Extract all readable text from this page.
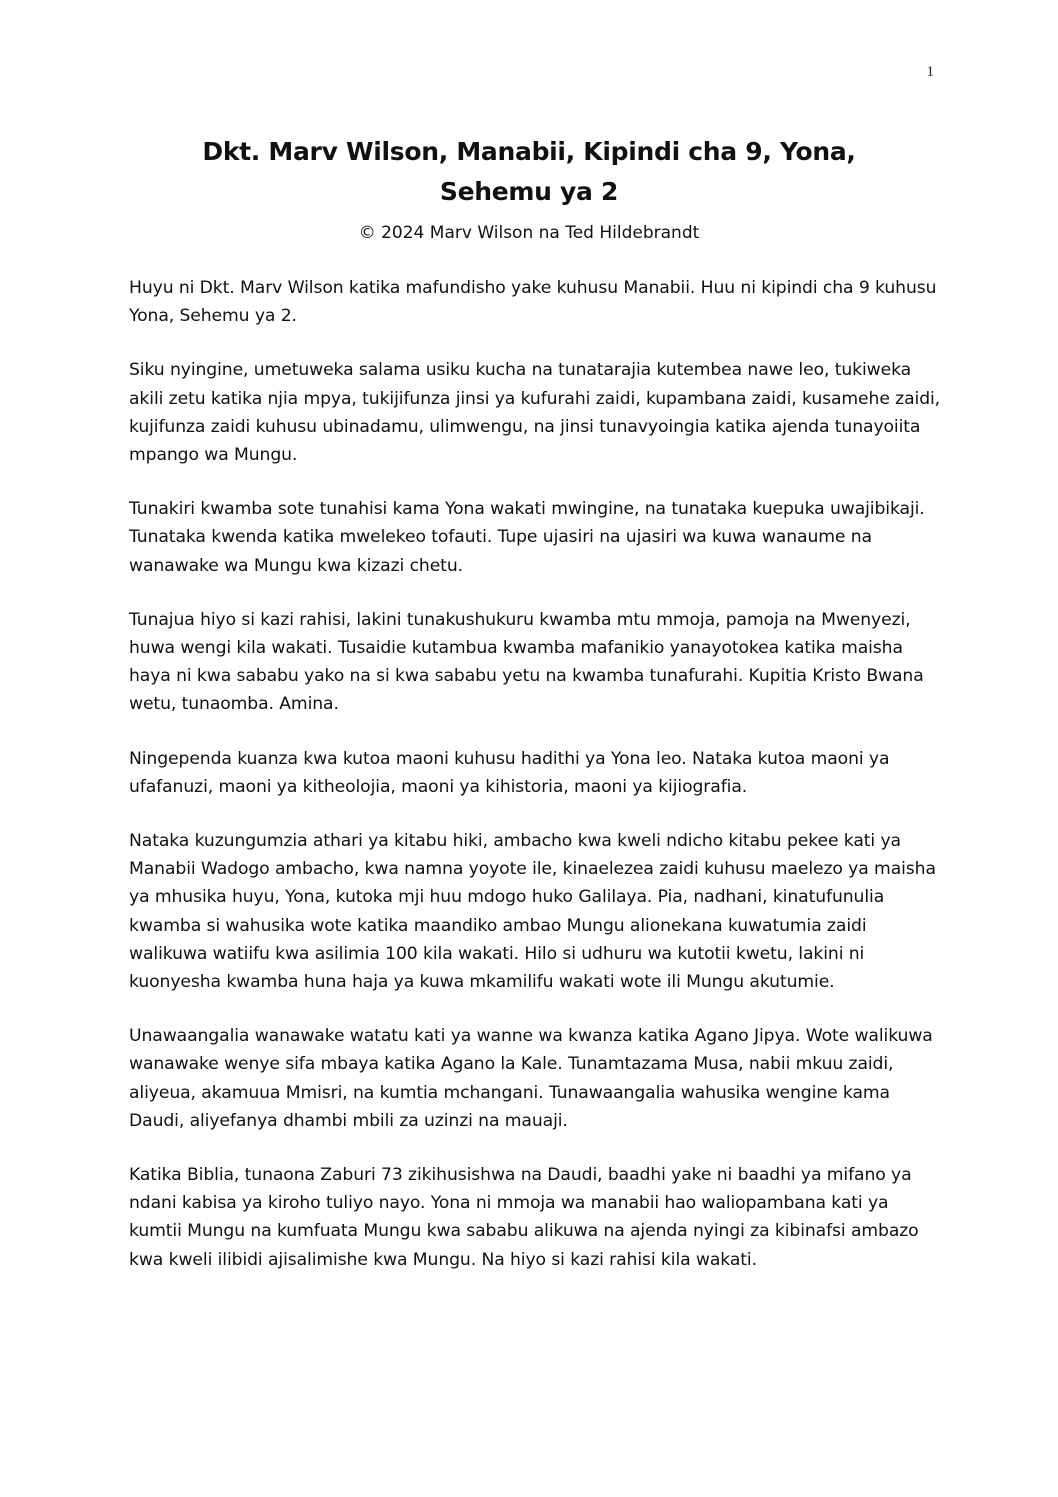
1
Dkt. Marv Wilson, Manabii, Kipindi cha 9, Yona,
Sehemu ya 2
© 2024 Marv Wilson na Ted Hildebrandt

Huyu ni Dkt. Marv Wilson katika mafundisho yake kuhusu Manabii. Huu ni kipindi cha 9 kuhusu Yona, Sehemu ya 2.

Siku nyingine, umetuweka salama usiku kucha na tunatarajia kutembea nawe leo, tukiweka akili zetu katika njia mpya, tukijifunza jinsi ya kufurahi zaidi, kupambana zaidi, kusamehe zaidi, kujifunza zaidi kuhusu ubinadamu, ulimwengu, na jinsi tunavyoingia katika ajenda tunayoiita mpango wa Mungu.

Tunakiri kwamba sote tunahisi kama Yona wakati mwingine, na tunataka kuepuka uwajibikaji. Tunataka kwenda katika mwelekeo tofauti. Tupe ujasiri na ujasiri wa kuwa wanaume na wanawake wa Mungu kwa kizazi chetu.

Tunajua hiyo si kazi rahisi, lakini tunakushukuru kwamba mtu mmoja, pamoja na Mwenyezi, huwa wengi kila wakati. Tusaidie kutambua kwamba mafanikio yanayotokea katika maisha haya ni kwa sababu yako na si kwa sababu yetu na kwamba tunafurahi. Kupitia Kristo Bwana wetu, tunaomba. Amina.

Ningependa kuanza kwa kutoa maoni kuhusu hadithi ya Yona leo. Nataka kutoa maoni ya ufafanuzi, maoni ya kitheolojia, maoni ya kihistoria, maoni ya kijiografia.

Nataka kuzungumzia athari ya kitabu hiki, ambacho kwa kweli ndicho kitabu pekee kati ya Manabii Wadogo ambacho, kwa namna yoyote ile, kinaelezea zaidi kuhusu maelezo ya maisha ya mhusika huyu, Yona, kutoka mji huu mdogo huko Galilaya. Pia, nadhani, kinatufunulia kwamba si wahusika wote katika maandiko ambao Mungu alionekana kuwatumia zaidi walikuwa watiifu kwa asilimia 100 kila wakati. Hilo si udhuru wa kutotii kwetu, lakini ni kuonyesha kwamba huna haja ya kuwa mkamilifu wakati wote ili Mungu akutumie.

Unawaangalia wanawake watatu kati ya wanne wa kwanza katika Agano Jipya. Wote walikuwa wanawake wenye sifa mbaya katika Agano la Kale. Tunamtazama Musa, nabii mkuu zaidi, aliyeua, akamuua Mmisri, na kumtia mchangani. Tunawaangalia wahusika wengine kama Daudi, aliyefanya dhambi mbili za uzinzi na mauaji.

Katika Biblia, tunaona Zaburi 73 zikihusishwa na Daudi, baadhi yake ni baadhi ya mifano ya ndani kabisa ya kiroho tuliyo nayo. Yona ni mmoja wa manabii hao waliopambana kati ya kumtii Mungu na kumfuata Mungu kwa sababu alikuwa na ajenda nyingi za kibinafsi ambazo kwa kweli ilibidi ajisalimishe kwa Mungu. Na hiyo si kazi rahisi kila wakati.
